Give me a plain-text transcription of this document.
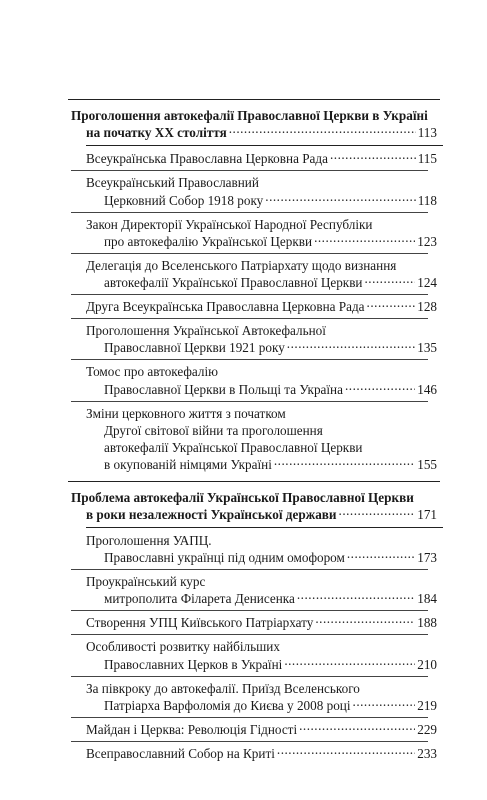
Проголошення автокефалії Православної Церкви в Україні
на початку ХХ століття .....	113
Всеукраїнська Православна Церковна Рада .....	115
Всеукраїнський Православний
Церковний Собор 1918 року .....	118
Закон Директорії Української Народної Республіки
про автокефалію Української Церкви .....	123
Делегація до Вселенського Патріархату щодо визнання
автокефалії Української Православної Церкви .....	124
Друга Всеукраїнська Православна Церковна Рада .....	128
Проголошення Української Автокефальної
Православної Церкви 1921 року .....	135
Томос про автокефалію
Православної Церкви в Польщі та Україна .....	146
Зміни церковного життя з початком
Другої світової війни та проголошення
автокефалії Української Православної Церкви
в окупованій німцями Україні .....	155
Проблема автокефалії Української Православної Церкви
в роки незалежності Української держави .....	171
Проголошення УАПЦ.
Православні українці під одним омофором .....	173
Проукраїнський курс
митрополита Філарета Денисенка .....	184
Створення УПЦ Київського Патріархату .....	188
Особливості розвитку найбільших
Православних Церков в Україні .....	210
За півкроку до автокефалії. Приїзд Вселенського
Патріарха Варфоломія до Києва у 2008 році .....	219
Майдан і Церква: Революція Гідності .....	229
Всеправославний Собор на Криті .....	233
